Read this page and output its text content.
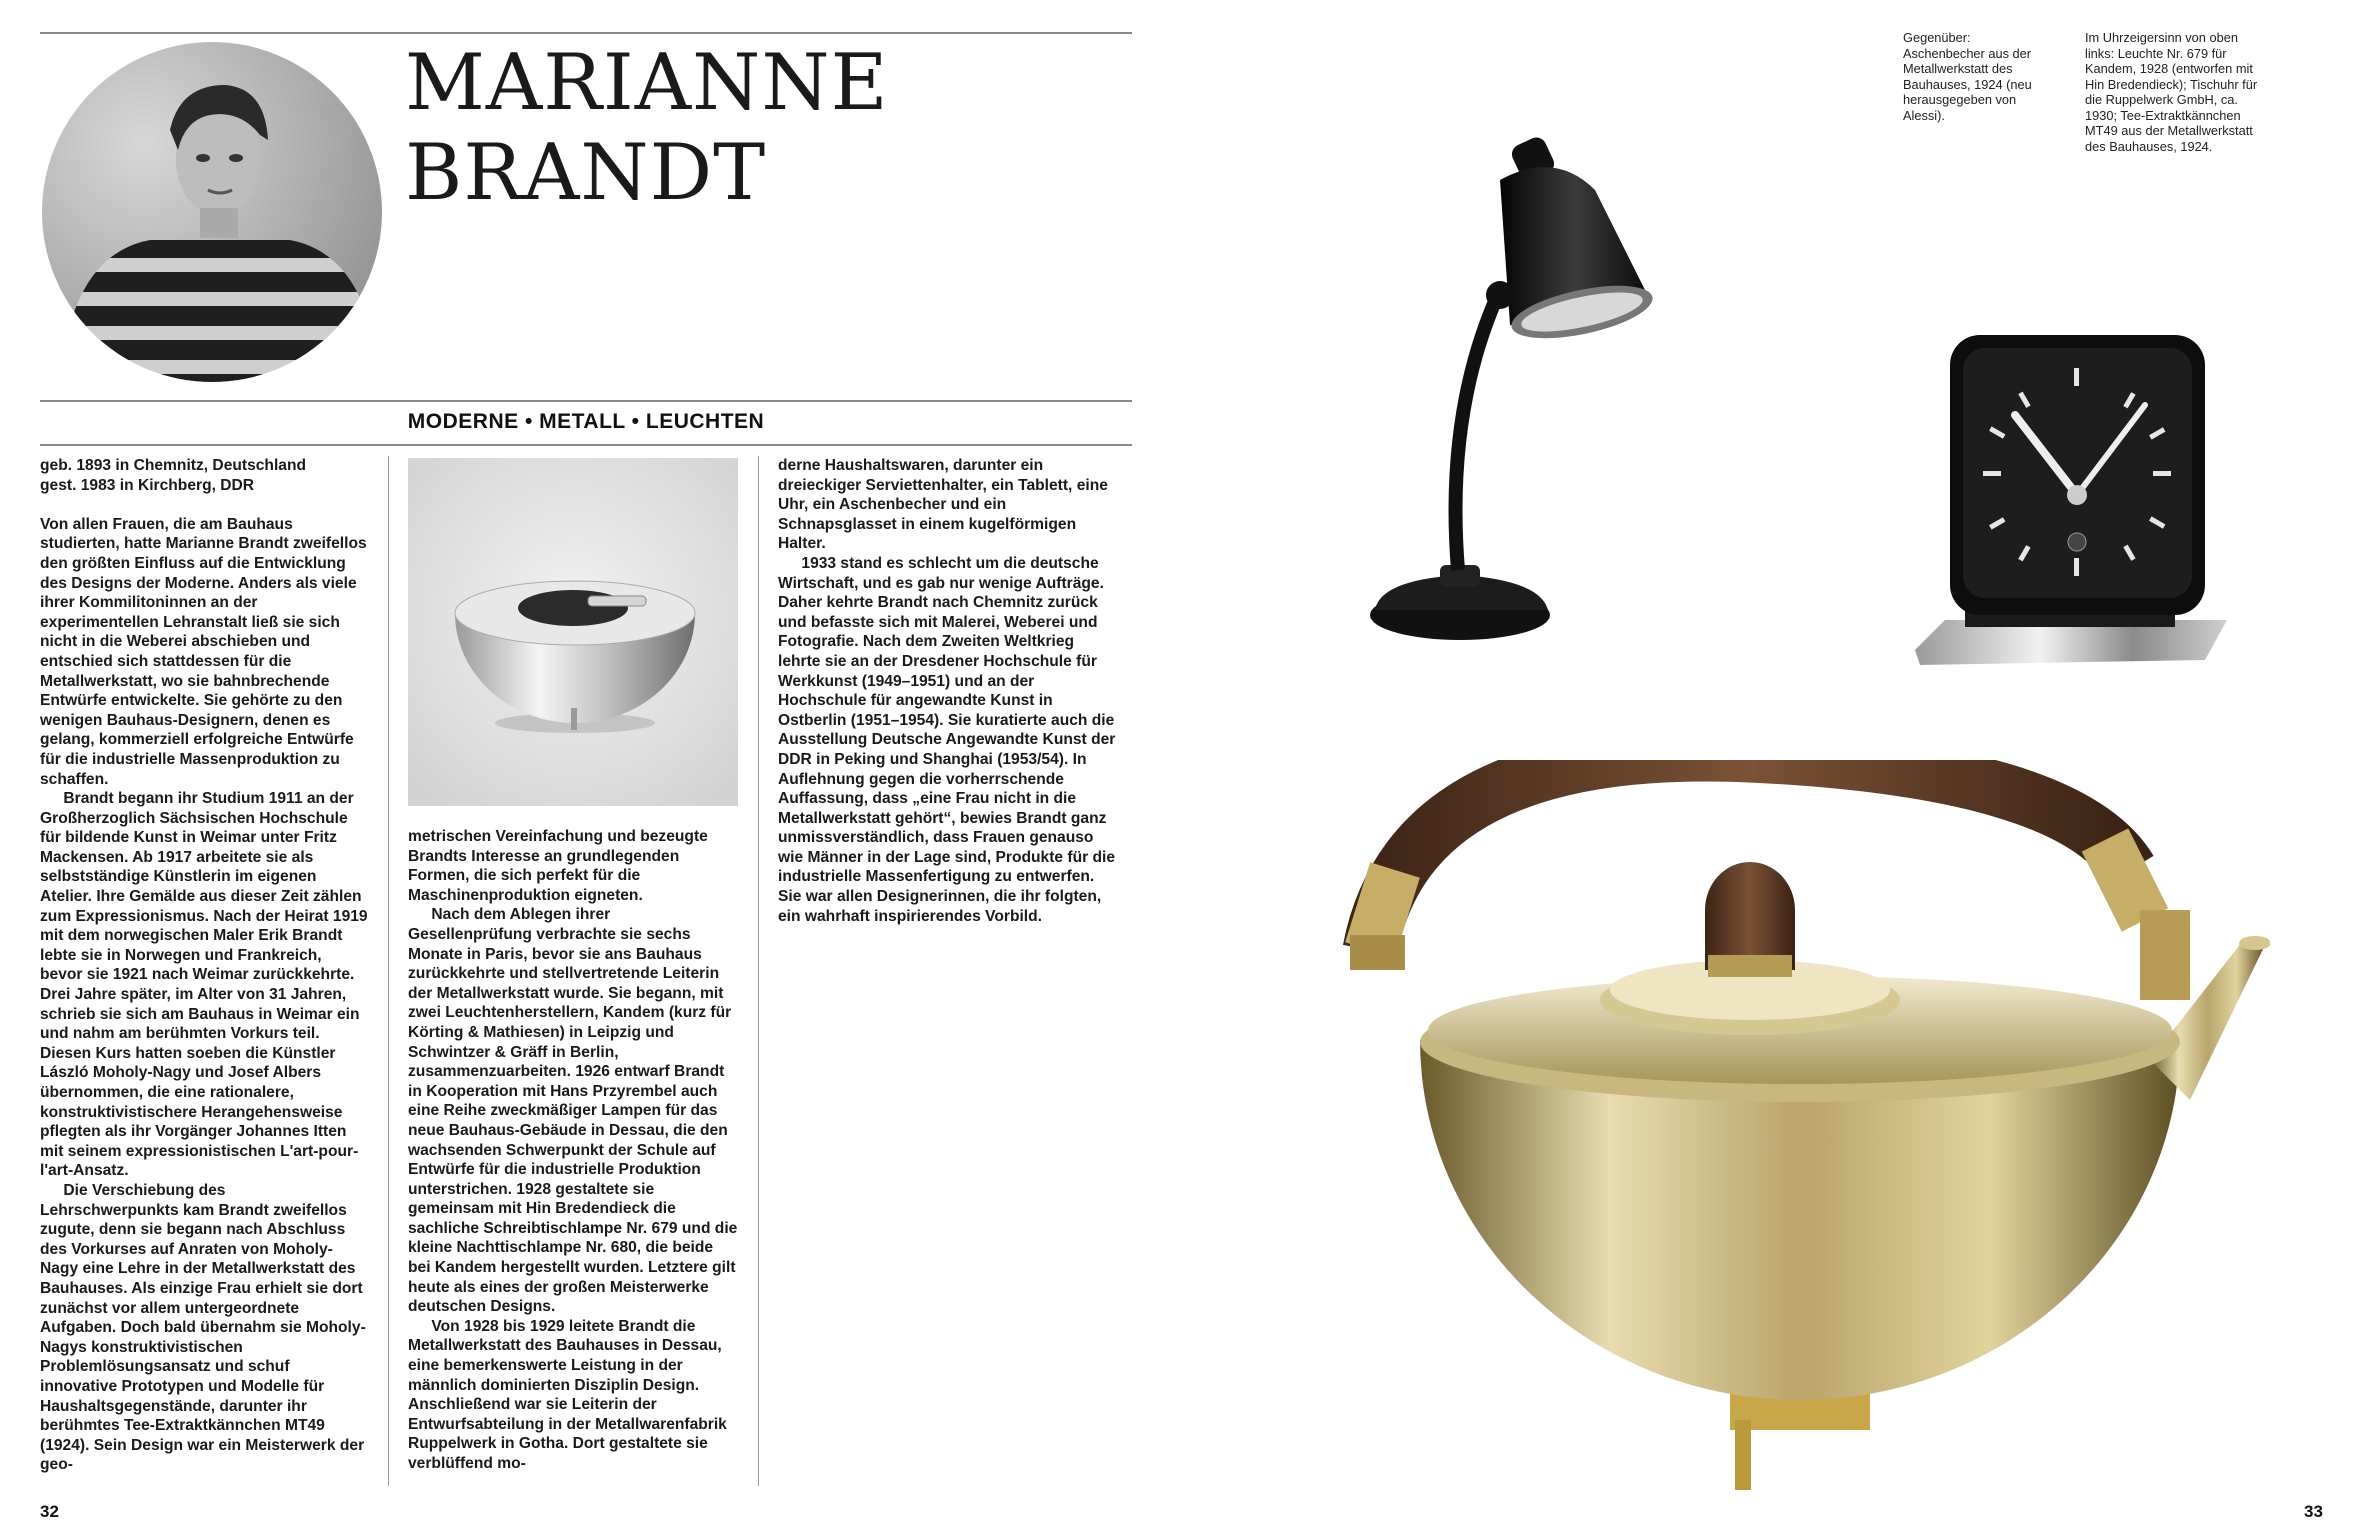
MARIANNE
BRANDT
MODERNE • METALL • LEUCHTEN

geb. 1893 in Chemnitz, Deutschland

gest. 1983 in Kirchberg, DDR

Von allen Frauen, die am Bauhaus studierten, hatte Marianne Brandt zweifellos den größten Einfluss auf die Entwicklung des Designs der Moderne. Anders als viele ihrer Kommilitoninnen an der experimentellen Lehranstalt ließ sie sich nicht in die Weberei abschieben und entschied sich stattdessen für die Metallwerkstatt, wo sie bahnbrechende Entwürfe entwickelte. Sie gehörte zu den wenigen Bauhaus-Designern, denen es gelang, kommerziell erfolgreiche Entwürfe für die industrielle Massenproduktion zu schaffen.

Brandt begann ihr Studium 1911 an der Großherzoglich Sächsischen Hochschule für bildende Kunst in Weimar unter Fritz Mackensen. Ab 1917 arbeitete sie als selbstständige Künstlerin im eigenen Atelier. Ihre Gemälde aus dieser Zeit zählen zum Expressionismus. Nach der Heirat 1919 mit dem norwegischen Maler Erik Brandt lebte sie in Norwegen und Frankreich, bevor sie 1921 nach Weimar zurückkehrte. Drei Jahre später, im Alter von 31 Jahren, schrieb sie sich am Bauhaus in Weimar ein und nahm am berühmten Vorkurs teil. Diesen Kurs hatten soeben die Künstler László Moholy-Nagy und Josef Albers übernommen, die eine rationalere, konstruktivistischere Herangehensweise pflegten als ihr Vorgänger Johannes Itten mit seinem expressionistischen L'art-pour-l'art-Ansatz.

Die Verschiebung des Lehrschwerpunkts kam Brandt zweifellos zugute, denn sie begann nach Abschluss des Vorkurses auf Anraten von Moholy-Nagy eine Lehre in der Metallwerkstatt des Bauhauses. Als einzige Frau erhielt sie dort zunächst vor allem untergeordnete Aufgaben. Doch bald übernahm sie Moholy-Nagys konstruktivistischen Problemlösungsansatz und schuf innovative Prototypen und Modelle für Haushaltsgegenstände, darunter ihr berühmtes Tee-Extraktkännchen MT49 (1924). Sein Design war ein Meisterwerk der geo-

metrischen Vereinfachung und bezeugte Brandts Interesse an grundlegenden Formen, die sich perfekt für die Maschinenproduktion eigneten.

Nach dem Ablegen ihrer Gesellenprüfung verbrachte sie sechs Monate in Paris, bevor sie ans Bauhaus zurückkehrte und stellvertretende Leiterin der Metallwerkstatt wurde. Sie begann, mit zwei Leuchtenherstellern, Kandem (kurz für Körting & Mathiesen) in Leipzig und Schwintzer & Gräff in Berlin, zusammenzuarbeiten. 1926 entwarf Brandt in Kooperation mit Hans Przyrembel auch eine Reihe zweckmäßiger Lampen für das neue Bauhaus-Gebäude in Dessau, die den wachsenden Schwerpunkt der Schule auf Entwürfe für die industrielle Produktion unterstrichen. 1928 gestaltete sie gemeinsam mit Hin Bredendieck die sachliche Schreibtischlampe Nr. 679 und die kleine Nachttischlampe Nr. 680, die beide bei Kandem hergestellt wurden. Letztere gilt heute als eines der großen Meisterwerke deutschen Designs.

Von 1928 bis 1929 leitete Brandt die Metallwerkstatt des Bauhauses in Dessau, eine bemerkenswerte Leistung in der männlich dominierten Disziplin Design. Anschließend war sie Leiterin der Entwurfsabteilung in der Metallwarenfabrik Ruppelwerk in Gotha. Dort gestaltete sie verblüffend mo-

derne Haushaltswaren, darunter ein dreieckiger Serviettenhalter, ein Tablett, eine Uhr, ein Aschenbecher und ein Schnapsglasset in einem kugelförmigen Halter.

1933 stand es schlecht um die deutsche Wirtschaft, und es gab nur wenige Aufträge. Daher kehrte Brandt nach Chemnitz zurück und befasste sich mit Malerei, Weberei und Fotografie. Nach dem Zweiten Weltkrieg lehrte sie an der Dresdener Hochschule für Werkkunst (1949–1951) und an der Hochschule für angewandte Kunst in Ostberlin (1951–1954). Sie kuratierte auch die Ausstellung Deutsche Angewandte Kunst der DDR in Peking und Shanghai (1953/54). In Auflehnung gegen die vorherrschende Auffassung, dass „eine Frau nicht in die Metallwerkstatt gehört“, bewies Brandt ganz unmissverständlich, dass Frauen genauso wie Männer in der Lage sind, Produkte für die industrielle Massenfertigung zu entwerfen. Sie war allen Designerinnen, die ihr folgten, ein wahrhaft inspirierendes Vorbild.

32
Gegenüber: Aschenbecher aus der Metallwerkstatt des Bauhauses, 1924 (neu herausgegeben von Alessi).
Im Uhrzeigersinn von oben links: Leuchte Nr. 679 für Kandem, 1928 (entworfen mit Hin Bredendieck); Tischuhr für die Ruppelwerk GmbH, ca. 1930; Tee-Extraktkännchen MT49 aus der Metallwerkstatt des Bauhauses, 1924.
33
